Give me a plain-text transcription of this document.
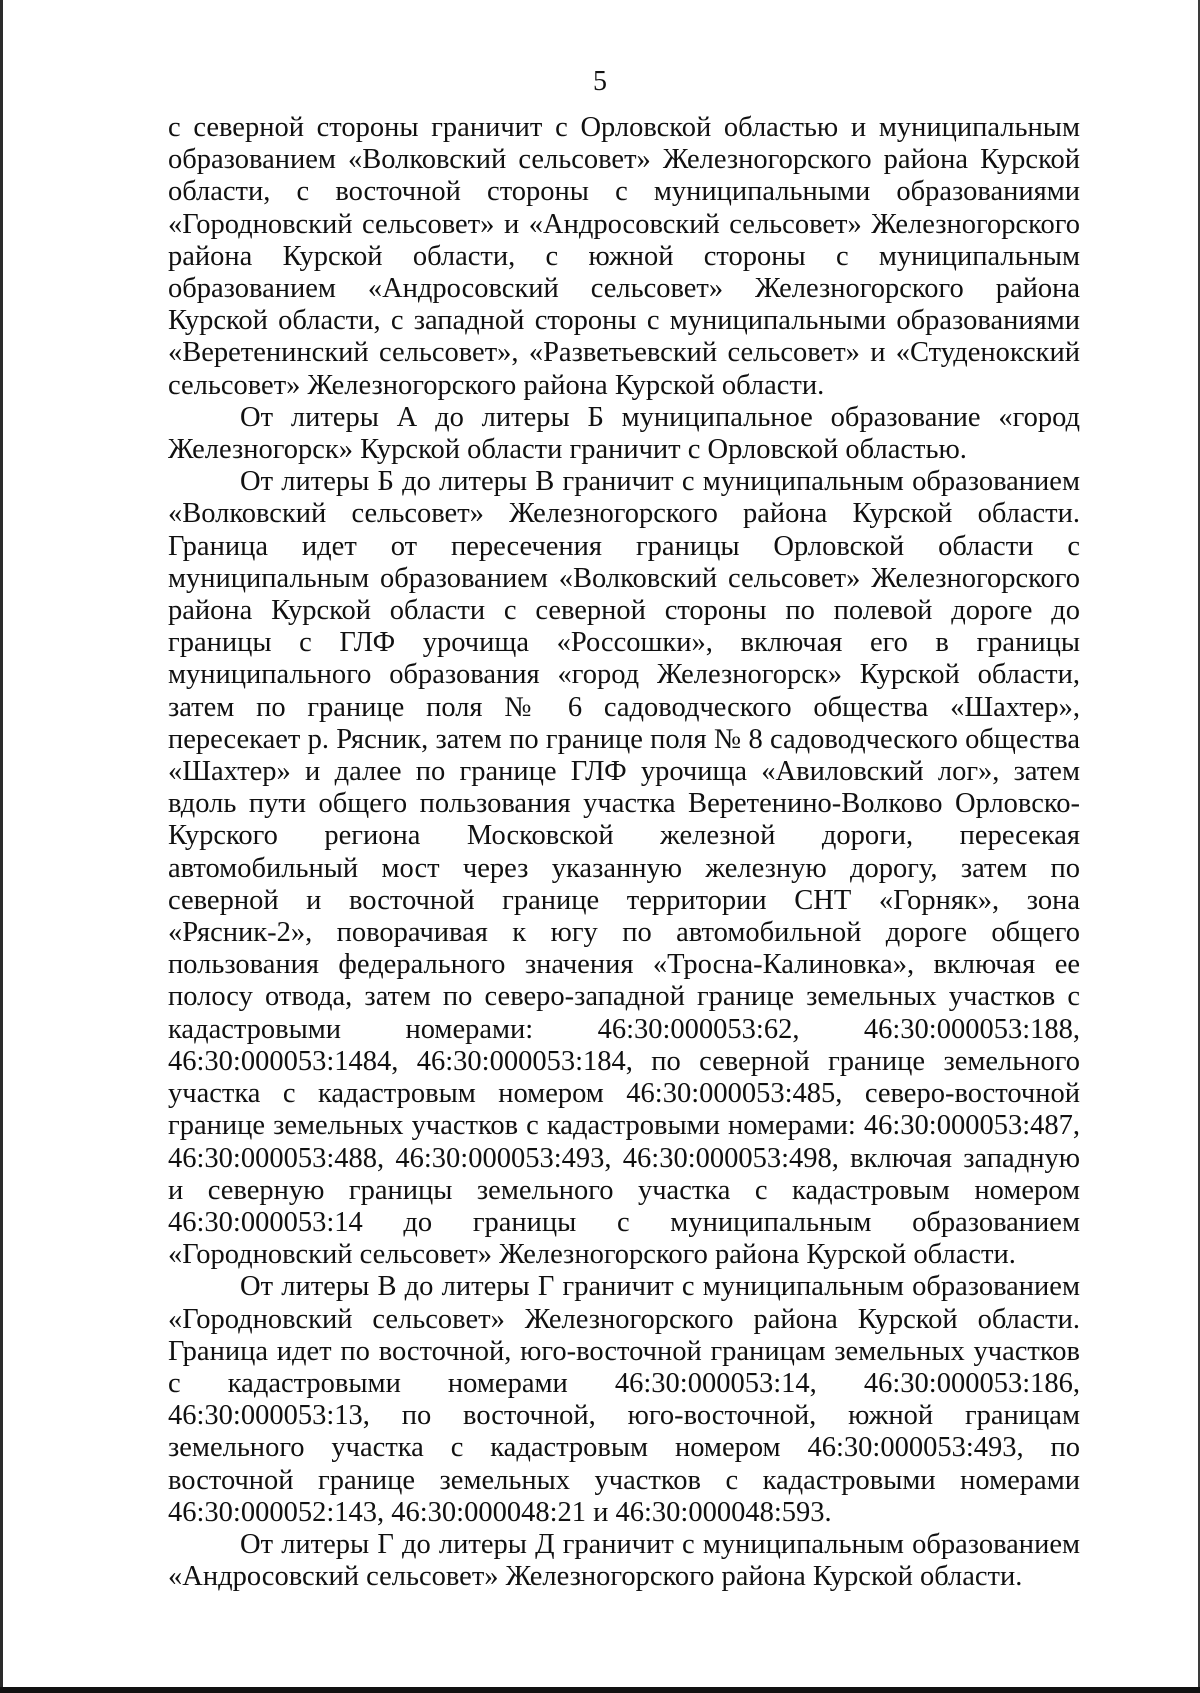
5

с северной стороны граничит с Орловской областью и муниципальным образованием «Волковский сельсовет» Железногорского района Курской области, с восточной стороны с муниципальными образованиями «Городновский сельсовет» и «Андросовский сельсовет» Железногорского района Курской области, с южной стороны с муниципальным образованием «Андросовский сельсовет» Железногорского района Курской области, с западной стороны с муниципальными образованиями «Веретенинский сельсовет», «Разветьевский сельсовет» и «Студенокский сельсовет» Железногорского района Курской области.

От литеры А до литеры Б муниципальное образование «город Железногорск» Курской области граничит с Орловской областью.

От литеры Б до литеры В граничит с муниципальным образованием «Волковский сельсовет» Железногорского района Курской области. Граница идет от пересечения границы Орловской области с муниципальным образованием «Волковский сельсовет» Железногорского района Курской области с северной стороны по полевой дороге до границы с ГЛФ урочища «Россошки», включая его в границы муниципального образования «город Железногорск» Курской области, затем по границе поля № 6 садоводческого общества «Шахтер», пересекает р. Рясник, затем по границе поля № 8 садоводческого общества «Шахтер» и далее по границе ГЛФ урочища «Авиловский лог», затем вдоль пути общего пользования участка Веретенино-Волково Орловско-Курского региона Московской железной дороги, пересекая автомобильный мост через указанную железную дорогу, затем по северной и восточной границе территории СНТ «Горняк», зона «Рясник-2», поворачивая к югу по автомобильной дороге общего пользования федерального значения «Тросна-Калиновка», включая ее полосу отвода, затем по северо-западной границе земельных участков с кадастровыми номерами: 46:30:000053:62, 46:30:000053:188, 46:30:000053:1484, 46:30:000053:184, по северной границе земельного участка с кадастровым номером 46:30:000053:485, северо-восточной границе земельных участков с кадастровыми номерами: 46:30:000053:487, 46:30:000053:488, 46:30:000053:493, 46:30:000053:498, включая западную и северную границы земельного участка с кадастровым номером 46:30:000053:14 до границы с муниципальным образованием «Городновский сельсовет» Железногорского района Курской области.

От литеры В до литеры Г граничит с муниципальным образованием «Городновский сельсовет» Железногорского района Курской области. Граница идет по восточной, юго-восточной границам земельных участков с кадастровыми номерами 46:30:000053:14, 46:30:000053:186, 46:30:000053:13, по восточной, юго-восточной, южной границам земельного участка с кадастровым номером 46:30:000053:493, по восточной границе земельных участков с кадастровыми номерами 46:30:000052:143, 46:30:000048:21 и 46:30:000048:593.

От литеры Г до литеры Д граничит с муниципальным образованием «Андросовский сельсовет» Железногорского района Курской области.
